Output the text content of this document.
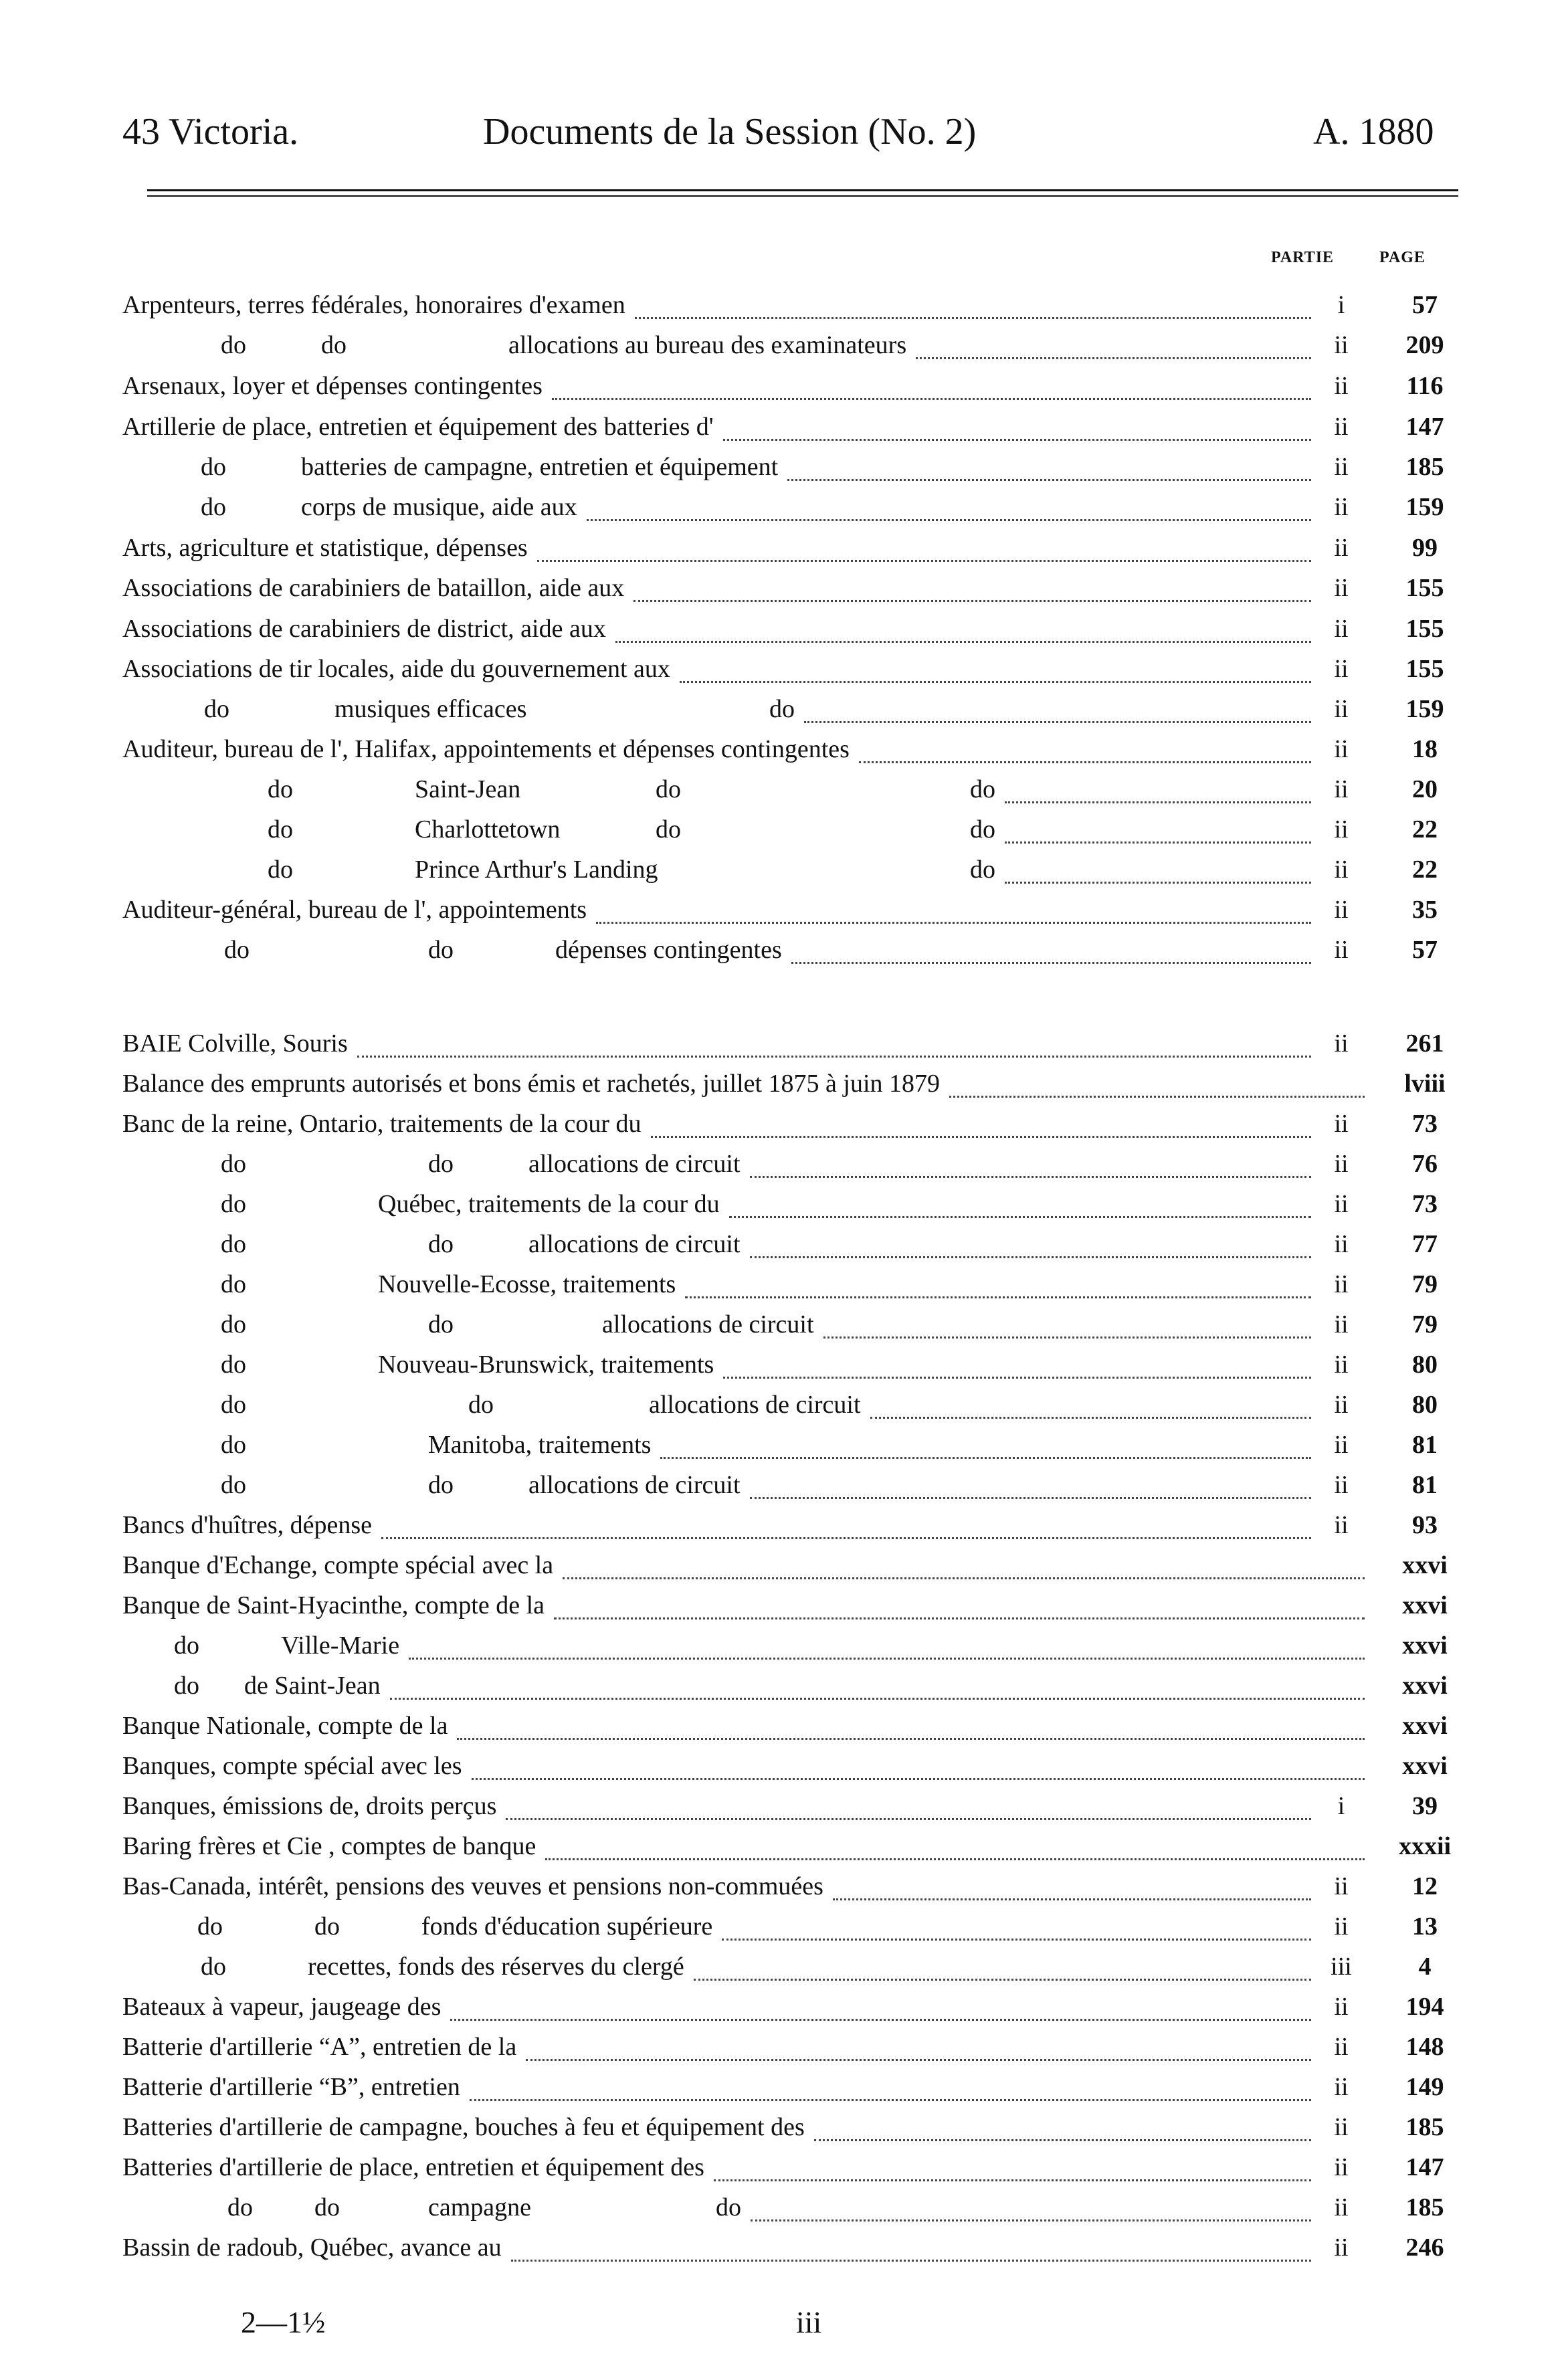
43 Victoria.	Documents de la Session (No. 2)	A. 1880
PARTIE	PAGE
Arpenteurs, terres fédérales, honoraires d'examen	i	57
do	do	allocations au bureau des examinateurs	ii	209
Arsenaux, loyer et dépenses contingentes	ii	116
Artillerie de place, entretien et équipement des batteries d'	ii	147
do	batteries de campagne, entretien et équipement	ii	185
do	corps de musique, aide aux	ii	159
Arts, agriculture et statistique, dépenses	ii	99
Associations de carabiniers de bataillon, aide aux	ii	155
Associations de carabiniers de district, aide aux	ii	155
Associations de tir locales, aide du gouvernement aux	ii	155
do	musiques efficaces	do	ii	159
Auditeur, bureau de l', Halifax, appointements et dépenses contingentes	ii	18
do	Saint-Jean	do	do	ii	20
do	Charlottetown	do	do	ii	22
do	Prince Arthur's Landing	do	ii	22
Auditeur-général, bureau de l', appointements	ii	35
do	do	dépenses contingentes	ii	57
BAIE Colville, Souris	ii	261
Balance des emprunts autorisés et bons émis et rachetés, juillet 1875 à juin 1879	lviii
Banc de la reine, Ontario, traitements de la cour du	ii	73
do	do	allocations de circuit	ii	76
do	Québec, traitements de la cour du	ii	73
do	do	allocations de circuit	ii	77
do	Nouvelle-Ecosse, traitements	ii	79
do	do	allocations de circuit	ii	79
do	Nouveau-Brunswick, traitements	ii	80
do	do	allocations de circuit	ii	80
do	Manitoba, traitements	ii	81
do	do	allocations de circuit	ii	81
Bancs d'huîtres, dépense	ii	93
Banque d'Echange, compte spécial avec la	xxvi
Banque de Saint-Hyacinthe, compte de la	xxvi
do	Ville-Marie	xxvi
do de Saint-Jean	xxvi
Banque Nationale, compte de la	xxvi
Banques, compte spécial avec les	xxvi
Banques, émissions de, droits perçus	i	39
Baring frères et Cie , comptes de banque	xxxii
Bas-Canada, intérêt, pensions des veuves et pensions non-commuées	ii	12
do	do	fonds d'éducation supérieure	ii	13
do	recettes, fonds des réserves du clergé	iii	4
Bateaux à vapeur, jaugeage des	ii	194
Batterie d'artillerie “A”, entretien de la	ii	148
Batterie d'artillerie “B”, entretien	ii	149
Batteries d'artillerie de campagne, bouches à feu et équipement des	ii	185
Batteries d'artillerie de place, entretien et équipement des	ii	147
do do	campagne	do	ii	185
Bassin de radoub, Québec, avance au	ii	246
2—1½	iii
